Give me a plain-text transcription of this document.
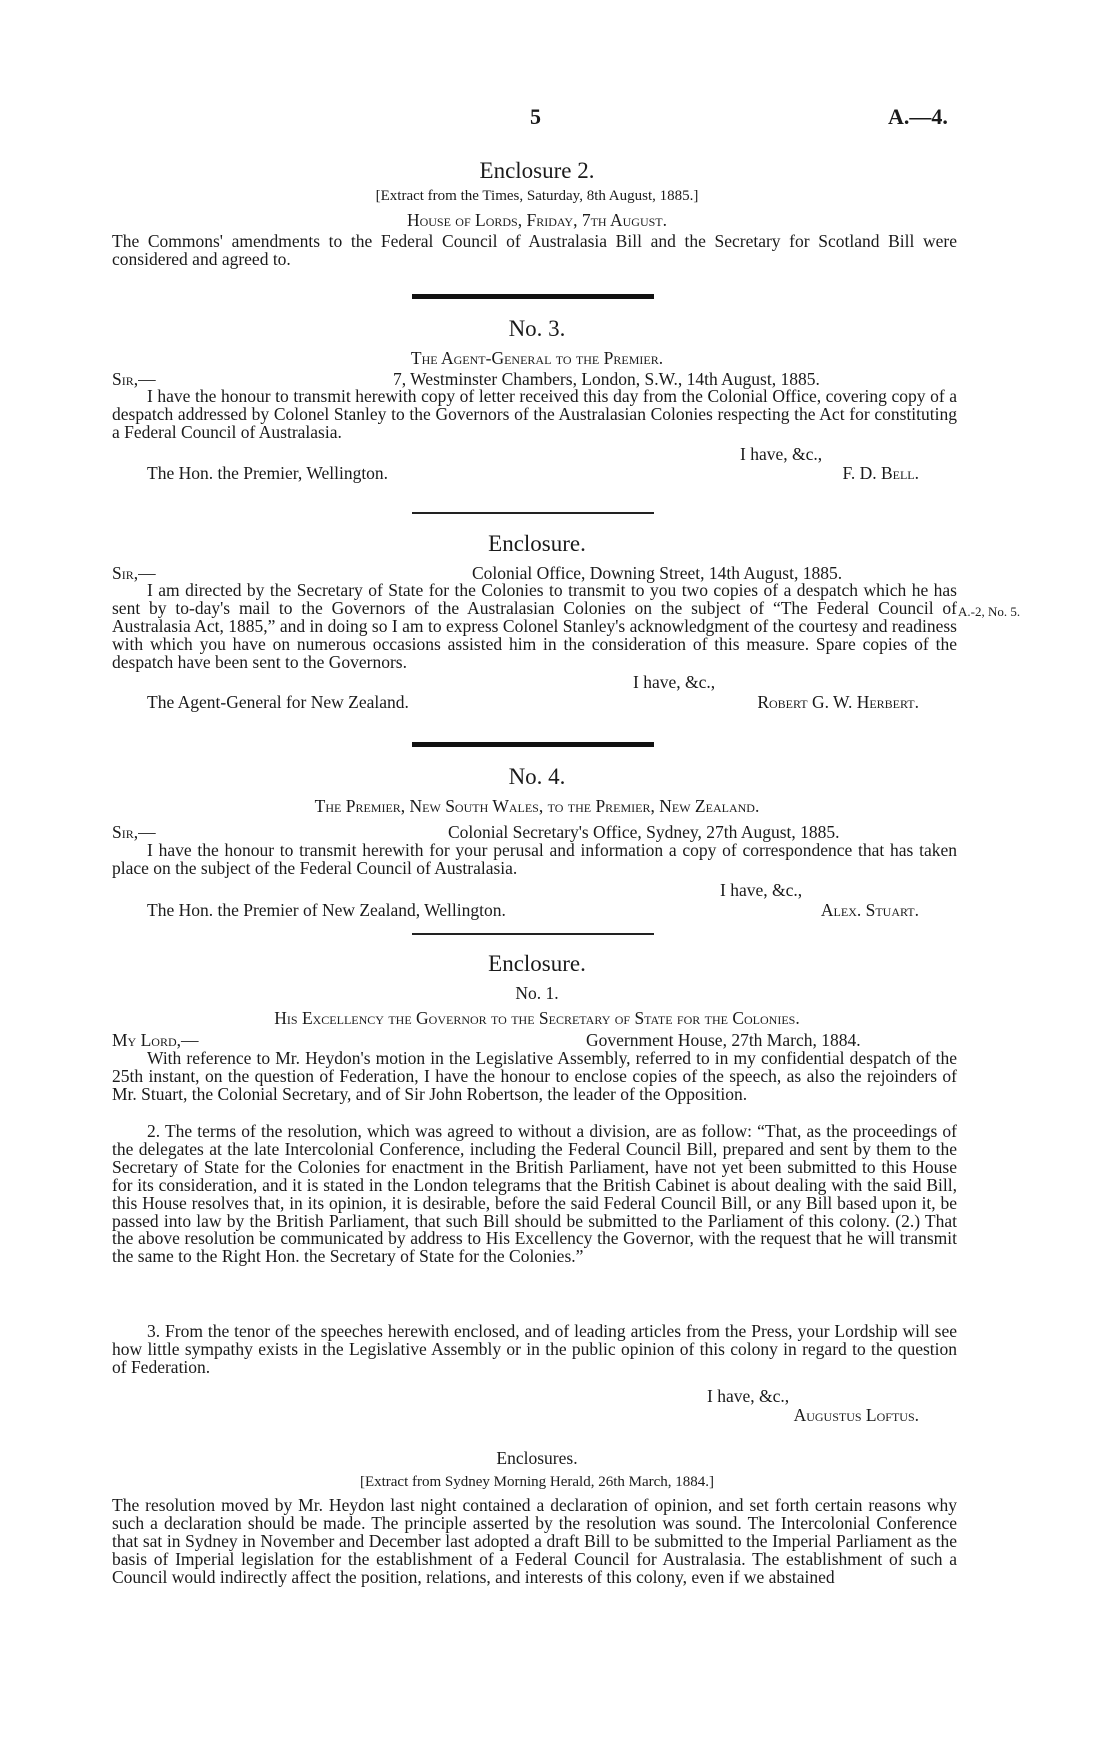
5	A.—4.
Enclosure 2.
[Extract from the Times, Saturday, 8th August, 1885.]
House of Lords, Friday, 7th August.

The Commons' amendments to the Federal Council of Australasia Bill and the Secretary for Scotland Bill were considered and agreed to.

No. 3.
The Agent-General to the Premier.
Sir,—	7, Westminster Chambers, London, S.W., 14th August, 1885.

I have the honour to transmit herewith copy of letter received this day from the Colonial Office, covering copy of a despatch addressed by Colonel Stanley to the Governors of the Australasian Colonies respecting the Act for constituting a Federal Council of Australasia.

I have, &c.,
The Hon. the Premier, Wellington.	F. D. Bell.
Enclosure.
Sir,—	Colonial Office, Downing Street, 14th August, 1885.

I am directed by the Secretary of State for the Colonies to transmit to you two copies of a despatch which he has sent by to-day's mail to the Governors of the Australasian Colonies on the subject of “The Federal Council of Australasia Act, 1885,” and in doing so I am to express Colonel Stanley's acknowledgment of the courtesy and readiness with which you have on numerous occasions assisted him in the consideration of this measure. Spare copies of the despatch have been sent to the Governors.

A.-2, No. 5.
I have, &c.,
The Agent-General for New Zealand.	Robert G. W. Herbert.
No. 4.
The Premier, New South Wales, to the Premier, New Zealand.
Sir,—	Colonial Secretary's Office, Sydney, 27th August, 1885.

I have the honour to transmit herewith for your perusal and information a copy of correspondence that has taken place on the subject of the Federal Council of Australasia.

I have, &c.,
The Hon. the Premier of New Zealand, Wellington.	Alex. Stuart.
Enclosure.
No. 1.
His Excellency the Governor to the Secretary of State for the Colonies.
My Lord,—	Government House, 27th March, 1884.

With reference to Mr. Heydon's motion in the Legislative Assembly, referred to in my confidential despatch of the 25th instant, on the question of Federation, I have the honour to enclose copies of the speech, as also the rejoinders of Mr. Stuart, the Colonial Secretary, and of Sir John Robertson, the leader of the Opposition.

2. The terms of the resolution, which was agreed to without a division, are as follow: “That, as the proceedings of the delegates at the late Intercolonial Conference, including the Federal Council Bill, prepared and sent by them to the Secretary of State for the Colonies for enactment in the British Parliament, have not yet been submitted to this House for its consideration, and it is stated in the London telegrams that the British Cabinet is about dealing with the said Bill, this House resolves that, in its opinion, it is desirable, before the said Federal Council Bill, or any Bill based upon it, be passed into law by the British Parliament, that such Bill should be submitted to the Parliament of this colony. (2.) That the above resolution be communicated by address to His Excellency the Governor, with the request that he will transmit the same to the Right Hon. the Secretary of State for the Colonies.”

3. From the tenor of the speeches herewith enclosed, and of leading articles from the Press, your Lordship will see how little sympathy exists in the Legislative Assembly or in the public opinion of this colony in regard to the question of Federation.

I have, &c.,
Augustus Loftus.
Enclosures.
[Extract from Sydney Morning Herald, 26th March, 1884.]

The resolution moved by Mr. Heydon last night contained a declaration of opinion, and set forth certain reasons why such a declaration should be made. The principle asserted by the resolution was sound. The Intercolonial Conference that sat in Sydney in November and December last adopted a draft Bill to be submitted to the Imperial Parliament as the basis of Imperial legislation for the establishment of a Federal Council for Australasia. The establishment of such a Council would indirectly affect the position, relations, and interests of this colony, even if we abstained
